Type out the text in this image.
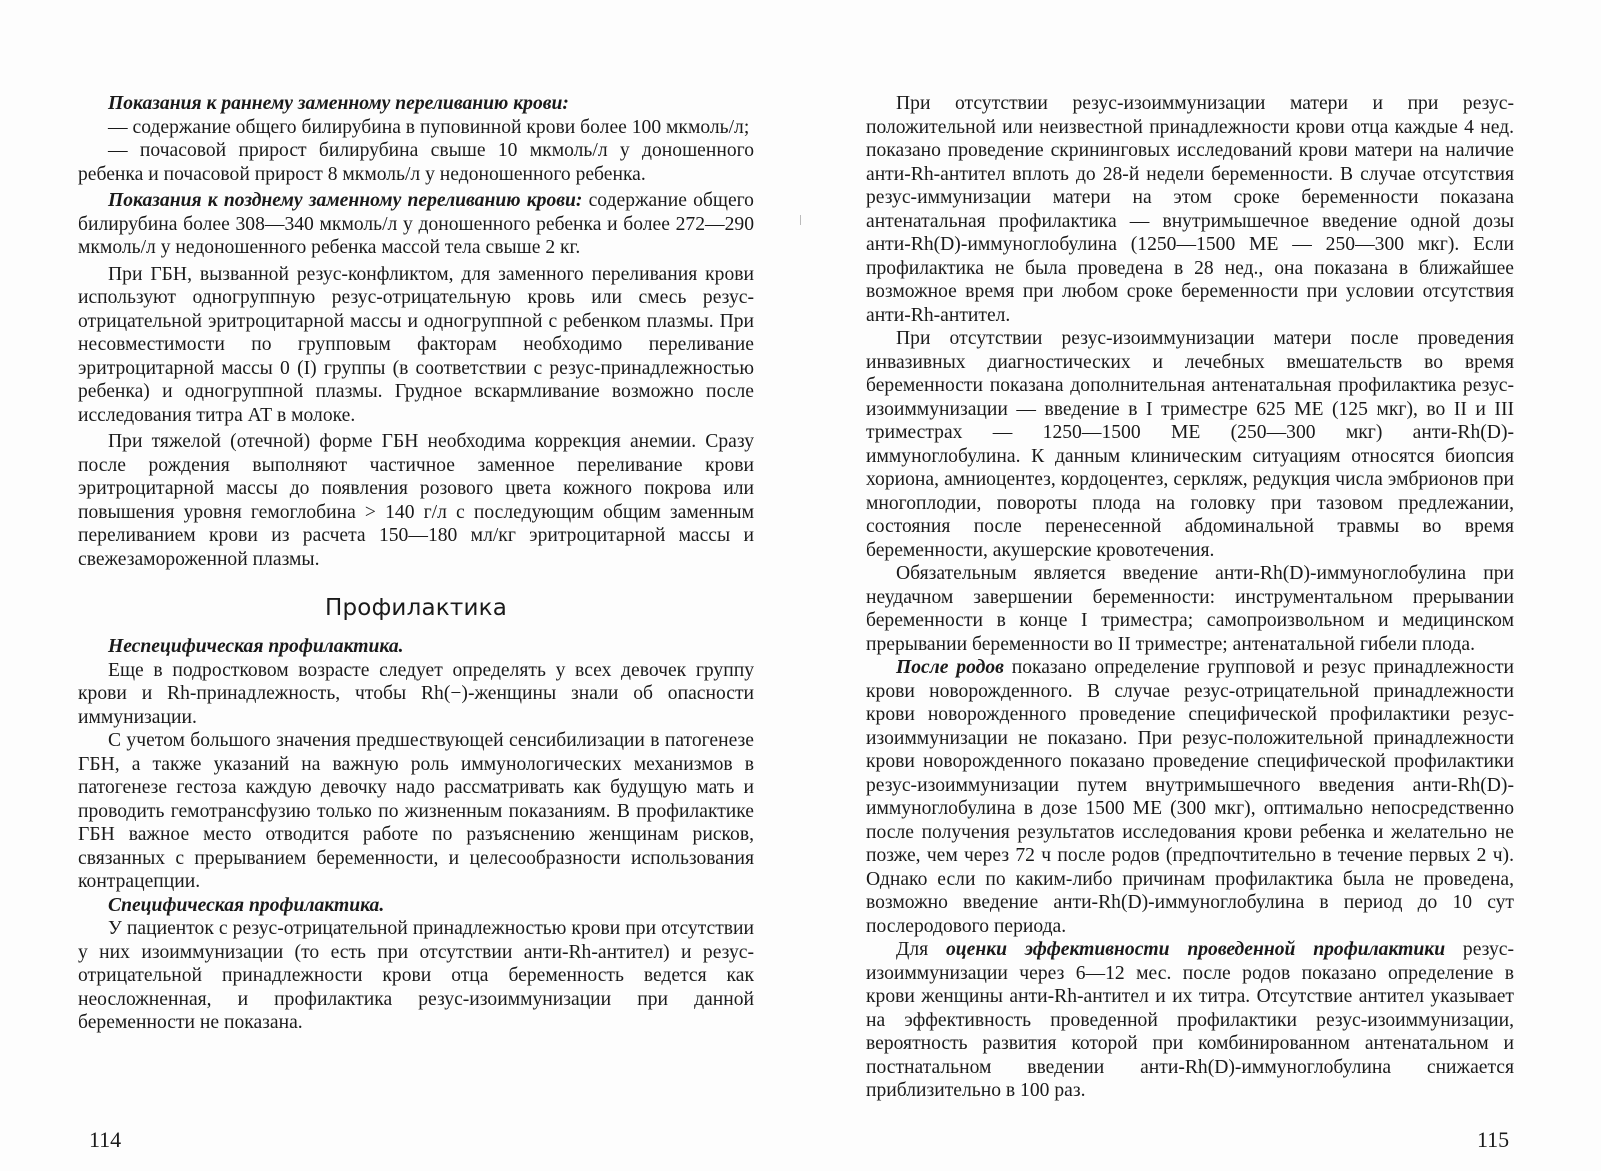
Показания к раннему заменному переливанию крови:

— содержание общего билирубина в пуповинной крови более 100 мкмоль/л;

— почасовой прирост билирубина свыше 10 мкмоль/л у доношенного ребенка и почасовой прирост 8 мкмоль/л у недоношенного ребенка.

Показания к позднему заменному переливанию крови: содержание общего билирубина более 308—340 мкмоль/л у доношенного ребенка и более 272—290 мкмоль/л у недоношенного ребенка массой тела свыше 2 кг.

При ГБН, вызванной резус-конфликтом, для заменного переливания крови используют одногруппную резус-отрицательную кровь или смесь резус-отрицательной эритроцитарной массы и одногруппной с ребенком плазмы. При несовместимости по групповым факторам необходимо переливание эритроцитарной массы 0 (I) группы (в соответствии с резус-принадлежностью ребенка) и одногруппной плазмы. Грудное вскармливание возможно после исследования титра АТ в молоке.

При тяжелой (отечной) форме ГБН необходима коррекция анемии. Сразу после рождения выполняют частичное заменное переливание крови эритроцитарной массы до появления розового цвета кожного покрова или повышения уровня гемоглобина > 140 г/л с последующим общим заменным переливанием крови из расчета 150—180 мл/кг эритроцитарной массы и свежезамороженной плазмы.

Профилактика

Неспецифическая профилактика.

Еще в подростковом возрасте следует определять у всех девочек группу крови и Rh-принадлежность, чтобы Rh(−)-женщины знали об опасности иммунизации.

С учетом большого значения предшествующей сенсибилизации в патогенезе ГБН, а также указаний на важную роль иммунологических механизмов в патогенезе гестоза каждую девочку надо рассматривать как будущую мать и проводить гемотрансфузию только по жизненным показаниям. В профилактике ГБН важное место отводится работе по разъяснению женщинам рисков, связанных с прерыванием беременности, и целесообразности использования контрацепции.

Специфическая профилактика.

У пациенток с резус-отрицательной принадлежностью крови при отсутствии у них изоиммунизации (то есть при отсутствии анти-Rh-антител) и резус-отрицательной принадлежности крови отца беременность ведется как неосложненная, и профилактика резус-изоиммунизации при данной беременности не показана.

114

При отсутствии резус-изоиммунизации матери и при резус-положительной или неизвестной принадлежности крови отца каждые 4 нед. показано проведение скрининговых исследований крови матери на наличие анти-Rh-антител вплоть до 28-й недели беременности. В случае отсутствия резус-иммунизации матери на этом сроке беременности показана антенатальная профилактика — внутримышечное введение одной дозы анти-Rh(D)-иммуноглобулина (1250—1500 МЕ — 250—300 мкг). Если профилактика не была проведена в 28 нед., она показана в ближайшее возможное время при любом сроке беременности при условии отсутствия анти-Rh-антител.

При отсутствии резус-изоиммунизации матери после проведения инвазивных диагностических и лечебных вмешательств во время беременности показана дополнительная антенатальная профилактика резус-изоиммунизации — введение в I триместре 625 МЕ (125 мкг), во II и III триместрах — 1250—1500 МЕ (250—300 мкг) анти-Rh(D)-иммуноглобулина. К данным клиническим ситуациям относятся биопсия хориона, амниоцентез, кордоцентез, серкляж, редукция числа эмбрионов при многоплодии, повороты плода на головку при тазовом предлежании, состояния после перенесенной абдоминальной травмы во время беременности, акушерские кровотечения.

Обязательным является введение анти-Rh(D)-иммуноглобулина при неудачном завершении беременности: инструментальном прерывании беременности в конце I триместра; самопроизвольном и медицинском прерывании беременности во II триместре; антенатальной гибели плода.

После родов показано определение групповой и резус принадлежности крови новорожденного. В случае резус-отрицательной принадлежности крови новорожденного проведение специфической профилактики резус-изоиммунизации не показано. При резус-положительной принадлежности крови новорожденного показано проведение специфической профилактики резус-изоиммунизации путем внутримышечного введения анти-Rh(D)-иммуноглобулина в дозе 1500 МЕ (300 мкг), оптимально непосредственно после получения результатов исследования крови ребенка и желательно не позже, чем через 72 ч после родов (предпочтительно в течение первых 2 ч). Однако если по каким-либо причинам профилактика была не проведена, возможно введение анти-Rh(D)-иммуноглобулина в период до 10 сут послеродового периода.

Для оценки эффективности проведенной профилактики резус-изоиммунизации через 6—12 мес. после родов показано определение в крови женщины анти-Rh-антител и их титра. Отсутствие антител указывает на эффективность проведенной профилактики резус-изоиммунизации, вероятность развития которой при комбинированном антенатальном и постнатальном введении анти-Rh(D)-иммуноглобулина снижается приблизительно в 100 раз.

115
